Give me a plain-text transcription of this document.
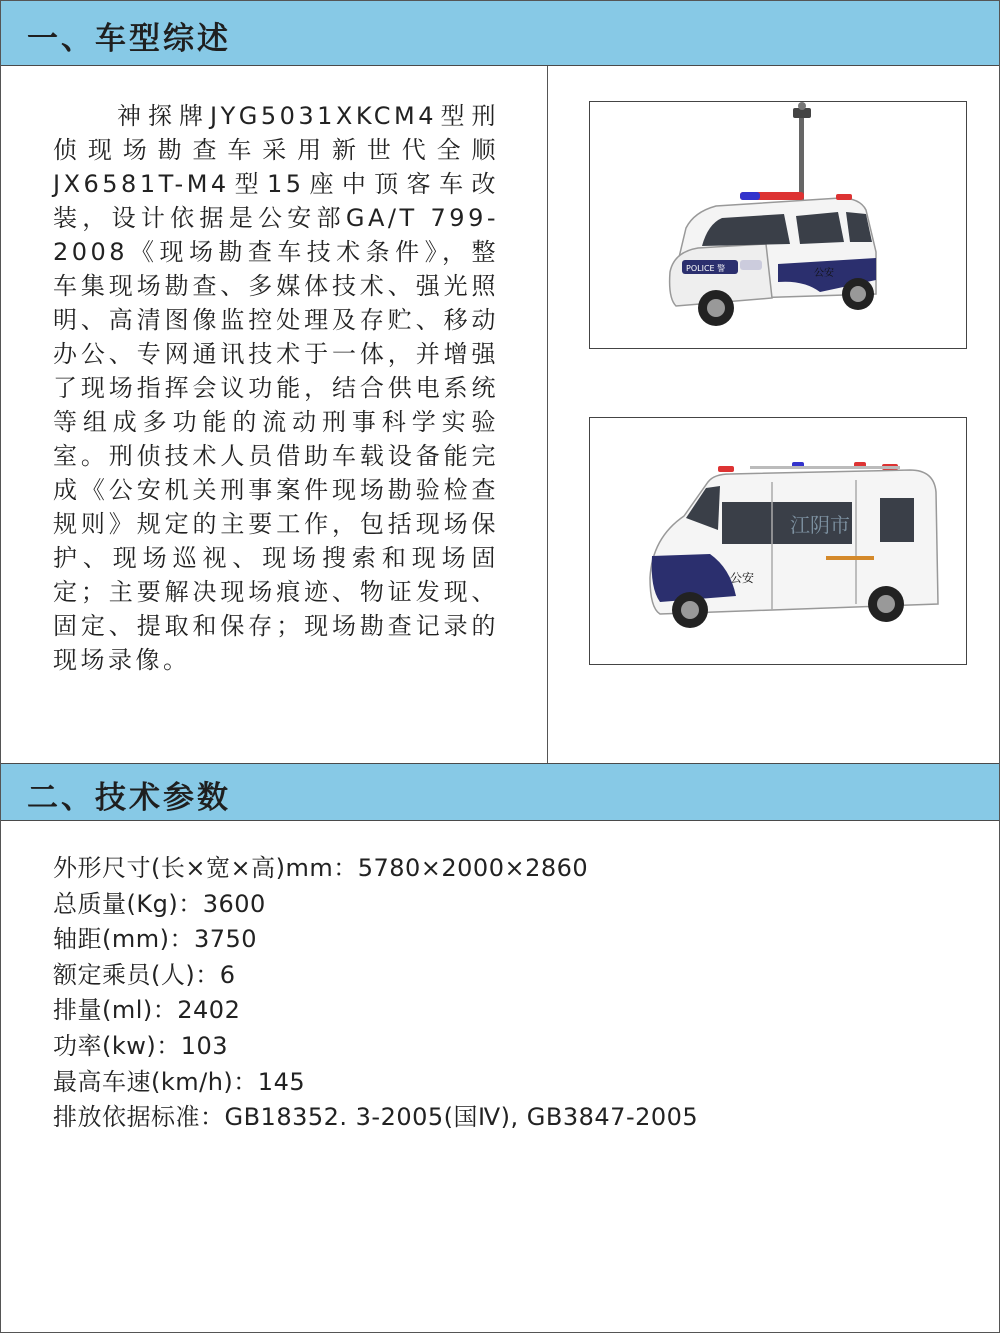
一、车型综述
神探牌JYG5031XKCM4型刑侦现场勘查车采用新世代全顺JX6581T-M4型15座中顶客车改装，设计依据是公安部GA/T 799-2008《现场勘查车技术条件》，整车集现场勘查、多媒体技术、强光照明、高清图像监控处理及存贮、移动办公、专网通讯技术于一体，并增强了现场指挥会议功能，结合供电系统等组成多功能的流动刑事科学实验室。刑侦技术人员借助车载设备能完成《公安机关刑事案件现场勘验检查规则》规定的主要工作，包括现场保护、现场巡视、现场搜索和现场固定；主要解决现场痕迹、物证发现、固定、提取和保存；现场勘查记录的现场录像。
POLICE 警	公安
公安
江阴市
二、技术参数
外形尺寸(长×宽×高)mm：5780×2000×2860
总质量(Kg)：3600
轴距(mm)：3750
额定乘员(人)：6
排量(ml)：2402
功率(kw)：103
最高车速(km/h)：145
排放依据标准：GB18352. 3-2005(国Ⅳ), GB3847-2005
